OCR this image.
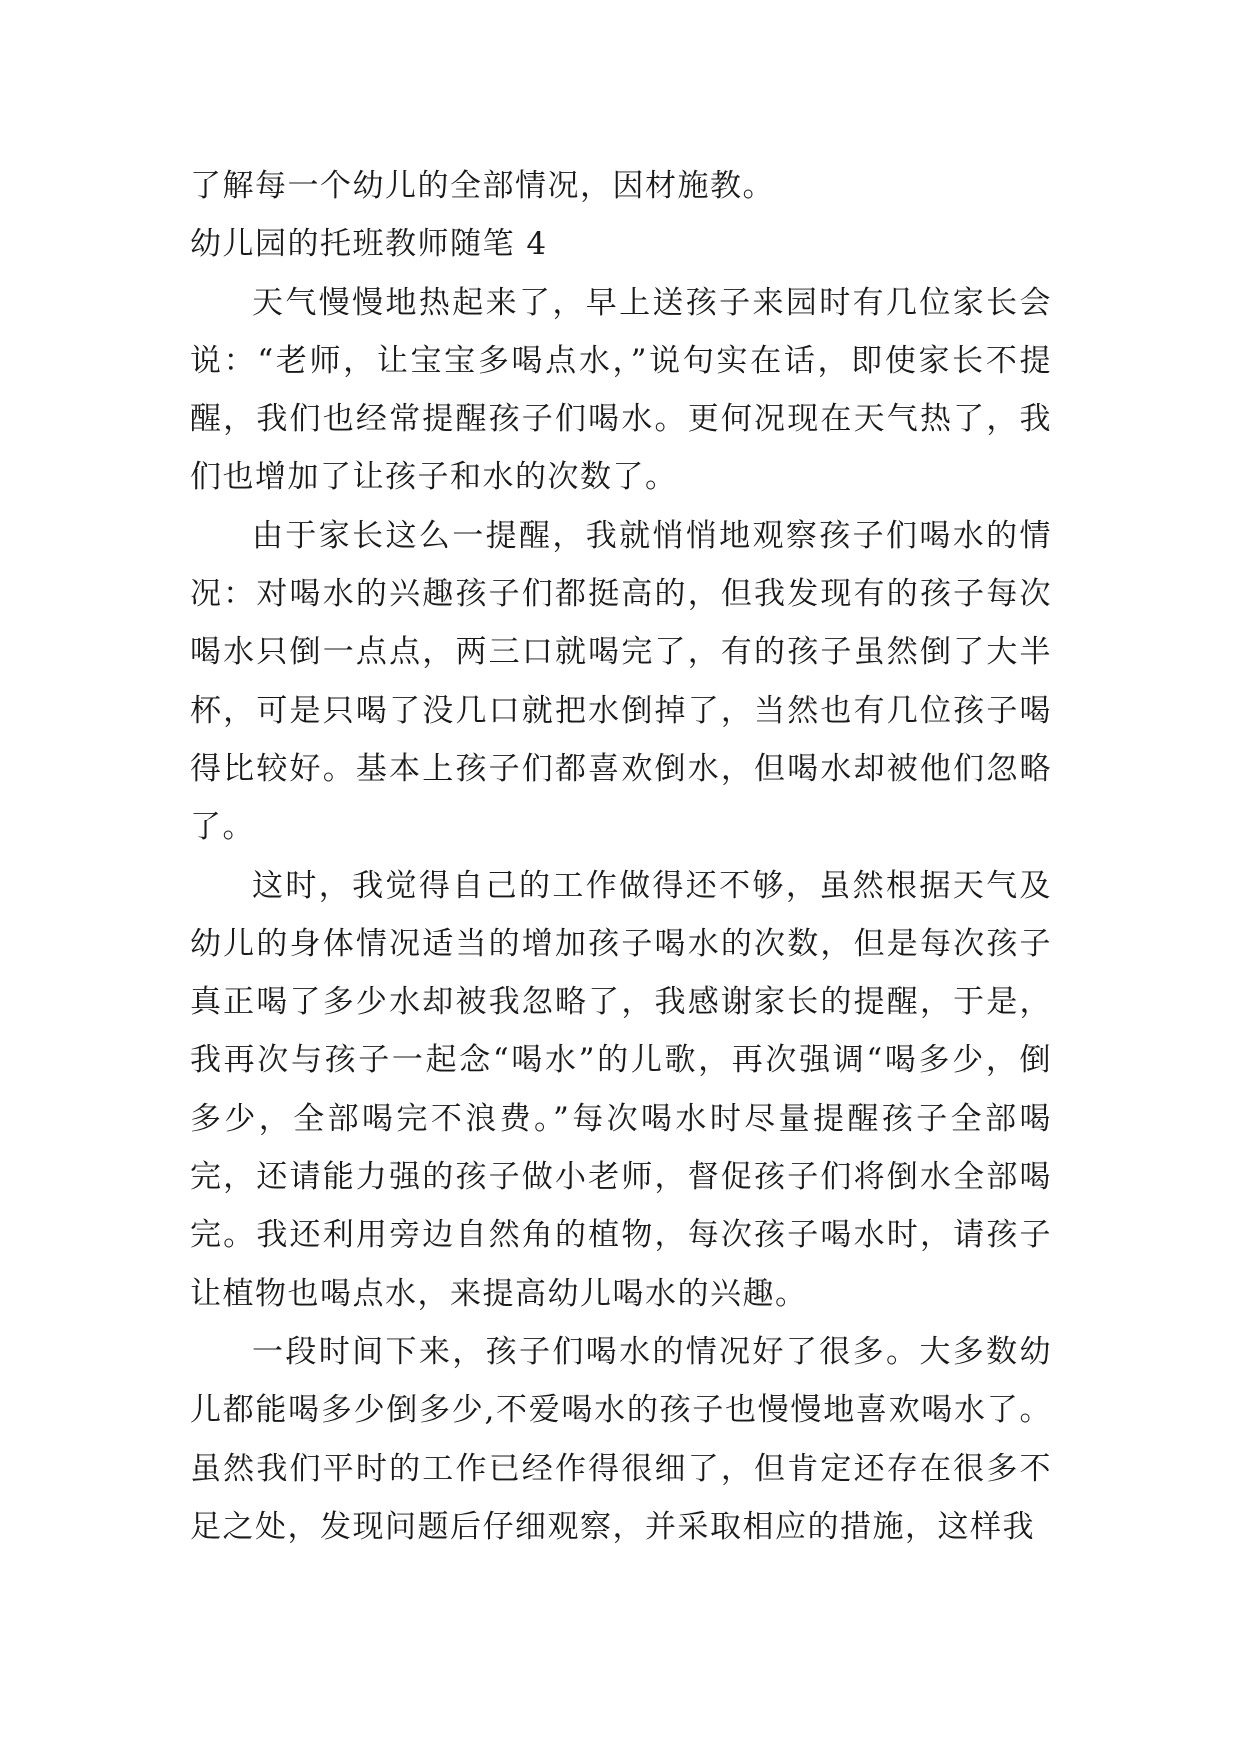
了解每一个幼儿的全部情况，因材施教。

幼儿园的托班教师随笔 4

天气慢慢地热起来了，早上送孩子来园时有几位家长会说：“老师，让宝宝多喝点水，”说句实在话，即使家长不提醒，我们也经常提醒孩子们喝水。更何况现在天气热了，我们也增加了让孩子和水的次数了。

由于家长这么一提醒，我就悄悄地观察孩子们喝水的情况：对喝水的兴趣孩子们都挺高的，但我发现有的孩子每次喝水只倒一点点，两三口就喝完了，有的孩子虽然倒了大半杯，可是只喝了没几口就把水倒掉了，当然也有几位孩子喝得比较好。基本上孩子们都喜欢倒水，但喝水却被他们忽略了。

这时，我觉得自己的工作做得还不够，虽然根据天气及幼儿的身体情况适当的增加孩子喝水的次数，但是每次孩子真正喝了多少水却被我忽略了，我感谢家长的提醒，于是，我再次与孩子一起念“喝水”的儿歌，再次强调“喝多少，倒多少，全部喝完不浪费。”每次喝水时尽量提醒孩子全部喝完，还请能力强的孩子做小老师，督促孩子们将倒水全部喝完。我还利用旁边自然角的植物，每次孩子喝水时，请孩子让植物也喝点水，来提高幼儿喝水的兴趣。

一段时间下来，孩子们喝水的情况好了很多。大多数幼儿都能喝多少倒多少,不爱喝水的孩子也慢慢地喜欢喝水了。虽然我们平时的工作已经作得很细了，但肯定还存在很多不足之处，发现问题后仔细观察，并采取相应的措施，这样我
